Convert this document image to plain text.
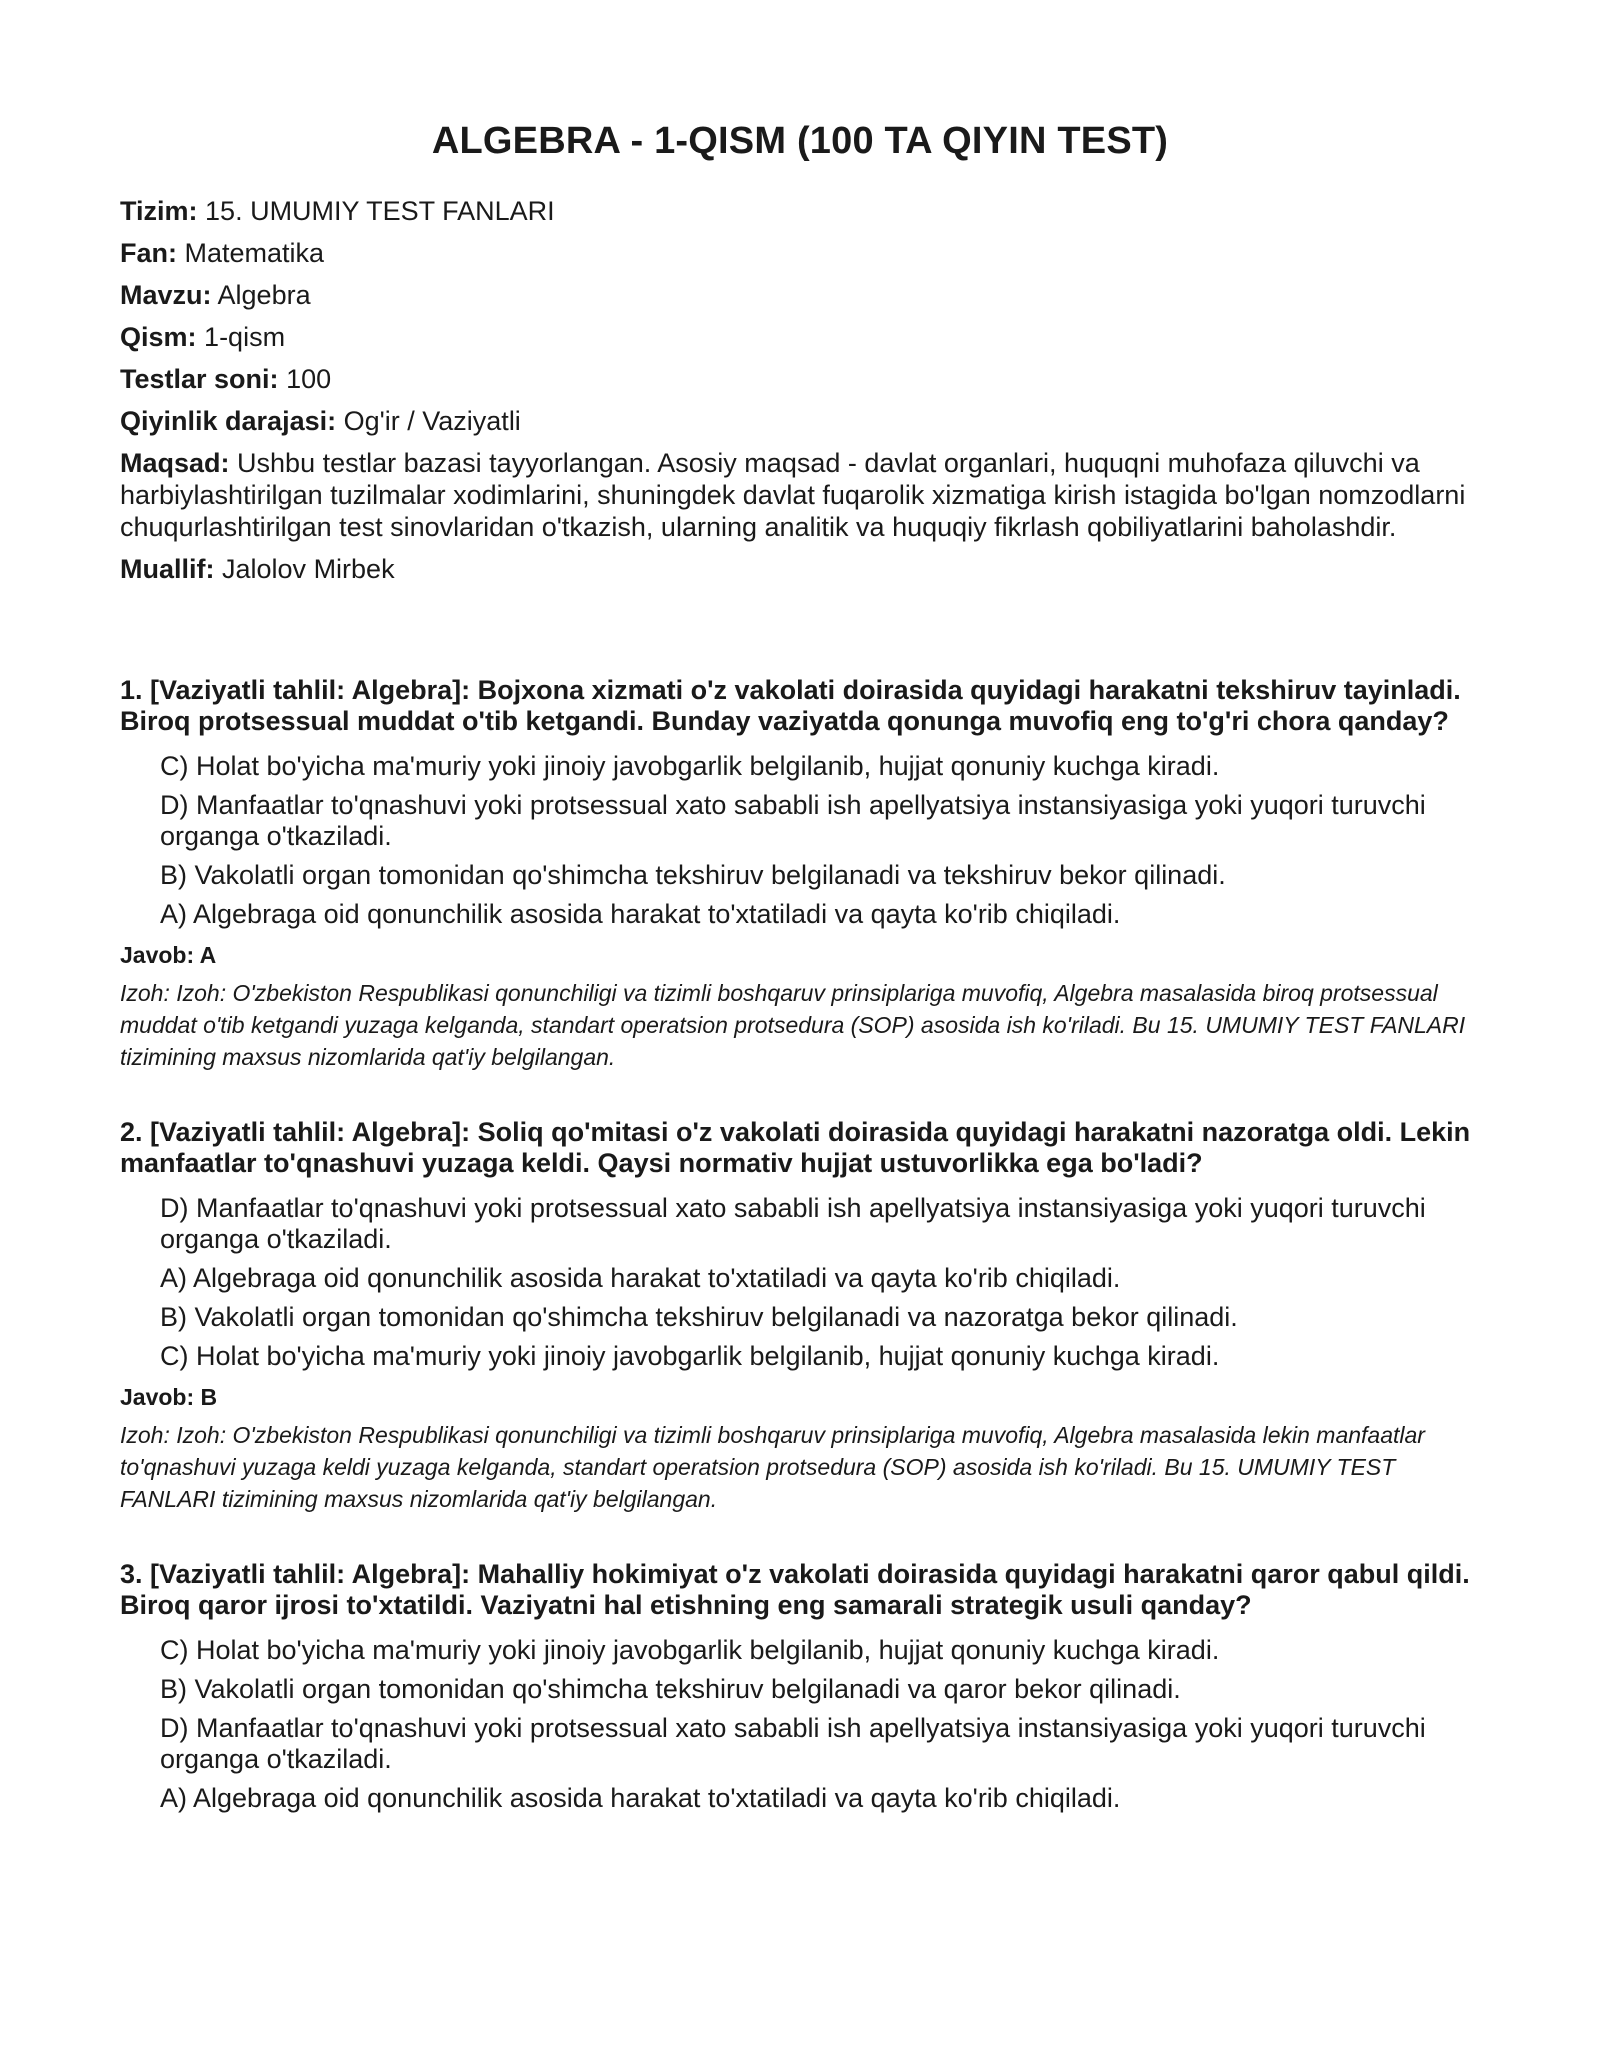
ALGEBRA - 1-QISM (100 TA QIYIN TEST)

Tizim: 15. UMUMIY TEST FANLARI

Fan: Matematika

Mavzu: Algebra

Qism: 1-qism

Testlar soni: 100

Qiyinlik darajasi: Og'ir / Vaziyatli

Maqsad: Ushbu testlar bazasi tayyorlangan. Asosiy maqsad - davlat organlari, huquqni muhofaza qiluvchi va harbiylashtirilgan tuzilmalar xodimlarini, shuningdek davlat fuqarolik xizmatiga kirish istagida bo'lgan nomzodlarni chuqurlashtirilgan test sinovlaridan o'tkazish, ularning analitik va huquqiy fikrlash qobiliyatlarini baholashdir.

Muallif: Jalolov Mirbek

1. [Vaziyatli tahlil: Algebra]: Bojxona xizmati o'z vakolati doirasida quyidagi harakatni tekshiruv tayinladi. Biroq protsessual muddat o'tib ketgandi. Bunday vaziyatda qonunga muvofiq eng to'g'ri chora qanday?

C) Holat bo'yicha ma'muriy yoki jinoiy javobgarlik belgilanib, hujjat qonuniy kuchga kiradi.
D) Manfaatlar to'qnashuvi yoki protsessual xato sababli ish apellyatsiya instansiyasiga yoki yuqori turuvchi organga o'tkaziladi.
B) Vakolatli organ tomonidan qo'shimcha tekshiruv belgilanadi va tekshiruv bekor qilinadi.
A) Algebraga oid qonunchilik asosida harakat to'xtatiladi va qayta ko'rib chiqiladi.

Javob: A

Izoh: Izoh: O'zbekiston Respublikasi qonunchiligi va tizimli boshqaruv prinsiplariga muvofiq, Algebra masalasida biroq protsessual muddat o'tib ketgandi yuzaga kelganda, standart operatsion protsedura (SOP) asosida ish ko'riladi. Bu 15. UMUMIY TEST FANLARI tizimining maxsus nizomlarida qat'iy belgilangan.

2. [Vaziyatli tahlil: Algebra]: Soliq qo'mitasi o'z vakolati doirasida quyidagi harakatni nazoratga oldi. Lekin manfaatlar to'qnashuvi yuzaga keldi. Qaysi normativ hujjat ustuvorlikka ega bo'ladi?

D) Manfaatlar to'qnashuvi yoki protsessual xato sababli ish apellyatsiya instansiyasiga yoki yuqori turuvchi organga o'tkaziladi.
A) Algebraga oid qonunchilik asosida harakat to'xtatiladi va qayta ko'rib chiqiladi.
B) Vakolatli organ tomonidan qo'shimcha tekshiruv belgilanadi va nazoratga bekor qilinadi.
C) Holat bo'yicha ma'muriy yoki jinoiy javobgarlik belgilanib, hujjat qonuniy kuchga kiradi.

Javob: B

Izoh: Izoh: O'zbekiston Respublikasi qonunchiligi va tizimli boshqaruv prinsiplariga muvofiq, Algebra masalasida lekin manfaatlar to'qnashuvi yuzaga keldi yuzaga kelganda, standart operatsion protsedura (SOP) asosida ish ko'riladi. Bu 15. UMUMIY TEST FANLARI tizimining maxsus nizomlarida qat'iy belgilangan.

3. [Vaziyatli tahlil: Algebra]: Mahalliy hokimiyat o'z vakolati doirasida quyidagi harakatni qaror qabul qildi. Biroq qaror ijrosi to'xtatildi. Vaziyatni hal etishning eng samarali strategik usuli qanday?

C) Holat bo'yicha ma'muriy yoki jinoiy javobgarlik belgilanib, hujjat qonuniy kuchga kiradi.
B) Vakolatli organ tomonidan qo'shimcha tekshiruv belgilanadi va qaror bekor qilinadi.
D) Manfaatlar to'qnashuvi yoki protsessual xato sababli ish apellyatsiya instansiyasiga yoki yuqori turuvchi organga o'tkaziladi.
A) Algebraga oid qonunchilik asosida harakat to'xtatiladi va qayta ko'rib chiqiladi.
